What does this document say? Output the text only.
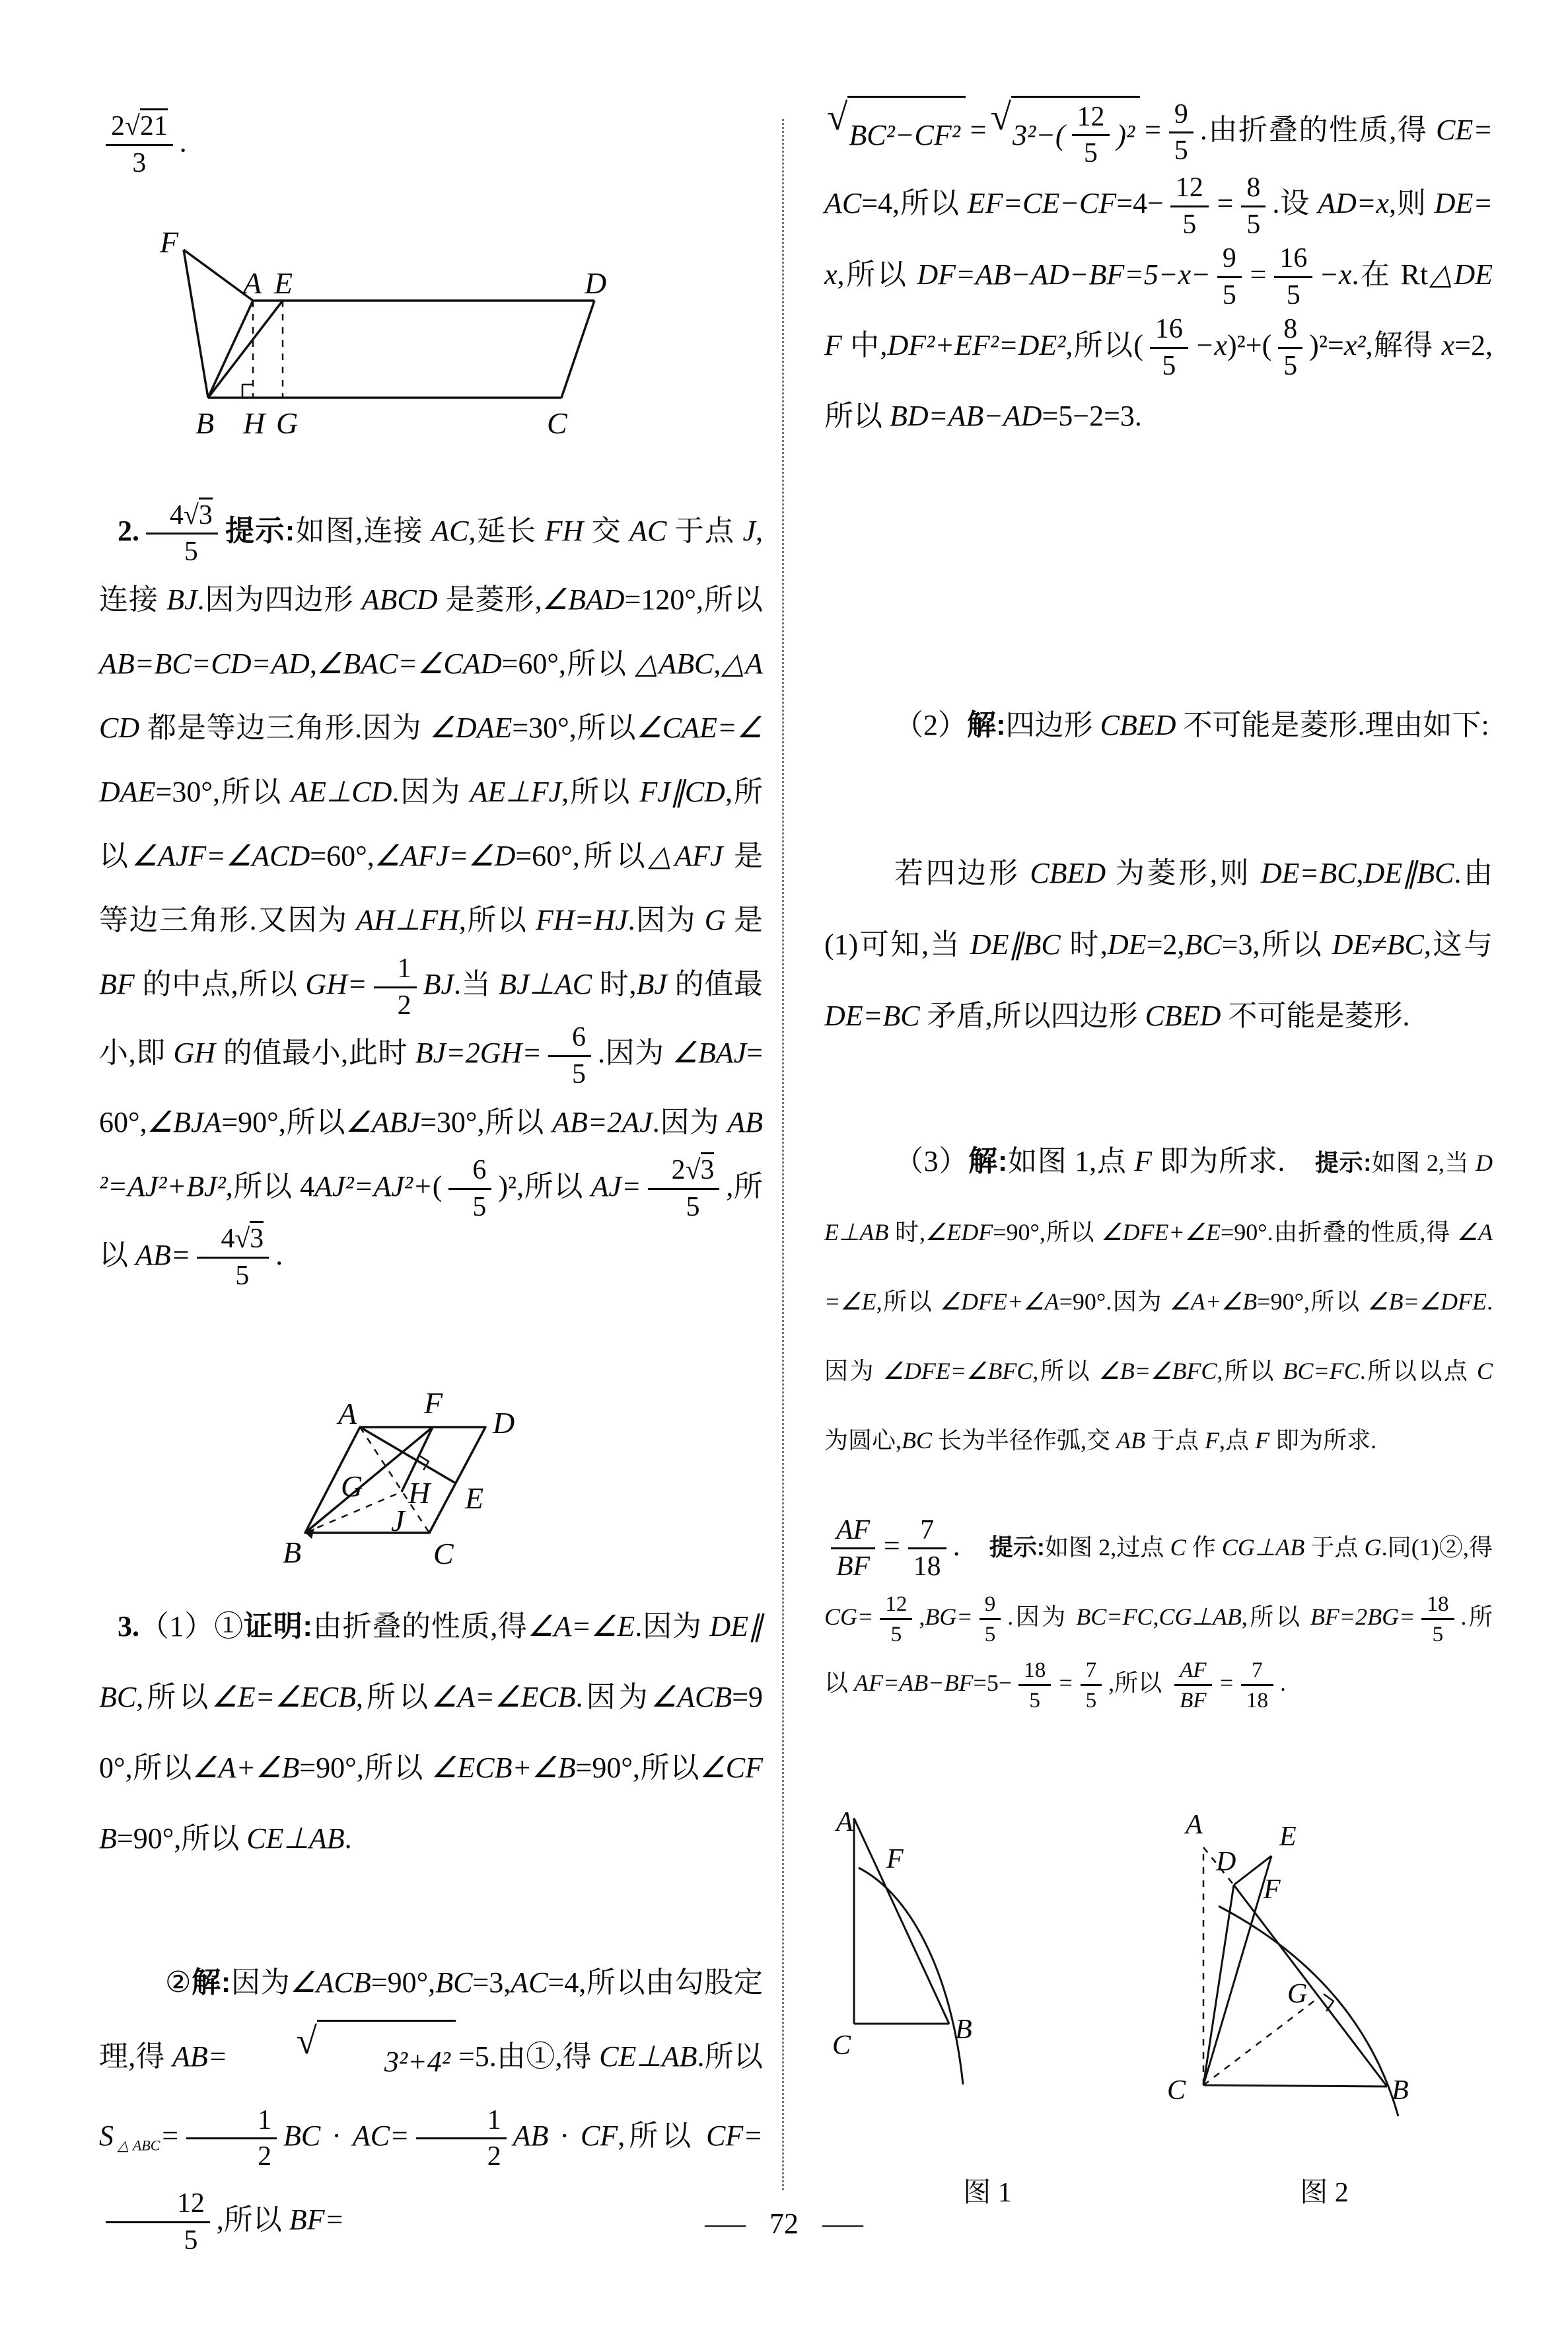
$\frac{2√21}{3}$ .
F
A E	D
B H G	C
2. $\frac{4√3}{5}$ 提示:如图,连接 AC,延长 FH 交 AC 于点 J,连接 BJ.因为四边形 ABCD 是菱形,∠BAD=120°,所以 AB=BC=CD=AD,∠BAC=∠CAD=60°,所以 △ABC,△ACD 都是等边三角形.因为 ∠DAE=30°,所以∠CAE=∠DAE=30°,所以 AE⊥CD.因为 AE⊥FJ,所以 FJ∥CD,所以∠AJF=∠ACD=60°,∠AFJ=∠D=60°,所以△AFJ 是等边三角形.又因为 AH⊥FH,所以 FH=HJ.因为 G 是 BF 的中点,所以 $GH= \frac{1}{2}$ BJ.当 BJ⊥AC 时,BJ 的值最小,即 GH 的值最小,此时 $BJ=2GH= \frac{6}{5}$ .因为 ∠BAJ=60°,∠BJA=90°,所以∠ABJ=30°,所以 AB=2AJ.因为 AB²=AJ²+BJ²,所以 $4AJ^2=AJ^2+( \frac{6}{5} )^2$,所以 $AJ= \frac{2√3}{5}$ ,所以 $AB= \frac{4√3}{5}$ .
A F
D
B	C
E
G H
J
3.（1）①证明:由折叠的性质,得∠A=∠E.因为 DE∥BC,所以∠E=∠ECB,所以∠A=∠ECB.因为∠ACB=90°,所以∠A+∠B=90°,所以 ∠ECB+∠B=90°,所以∠CFB=90°,所以 CE⊥AB.
②解:因为∠ACB=90°,BC=3,AC=4,所以由勾股定理,得 AB=	√	3²+4² =5.由①,得 CE⊥AB.所以 S△ABC= $\frac{1}{2}$ BC · $AC= \frac{1}{2}$ AB · CF,所以 CF=
$\frac{12}{5}$ ,所以 BF=
√ BC²−CF² = √ $3^2-( \frac{12}{5} )^2 = \frac{9}{5}$ .由折叠的性质,得 CE=AC=4,所以 $EF=CE-CF=4- \frac{12}{5} = \frac{8}{5}$ .设 AD=x,则 DE=x,所以 $DF=AB-AD-BF=5-x- \frac{9}{5} = \frac{16}{5} -x$.在 Rt△DEF 中,DF²+EF²=DE²,所以( $\frac{16}{5} -x)^2+( \frac{8}{5} )^2=x^2$,解得 x=2,所以 BD=AB−AD=5−2=3.
（2）解:四边形 CBED 不可能是菱形.理由如下:
若四边形 CBED 为菱形,则 DE=BC,DE∥BC.由(1)可知,当 DE∥BC 时,DE=2,BC=3,所以 DE≠BC,这与 DE=BC 矛盾,所以四边形 CBED 不可能是菱形.
（3）解:如图 1,点 F 即为所求.　提示:如图 2,当 DE⊥AB 时,∠EDF=90°,所以 ∠DFE+∠E=90°.由折叠的性质,得 ∠A=∠E,所以 ∠DFE+∠A=90°.因为 ∠A+∠B=90°,所以 ∠B=∠DFE.因为 ∠DFE=∠BFC,所以 ∠B=∠BFC,所以 BC=FC.所以以点 C 为圆心,BC 长为半径作弧,交 AB 于点 F,点 F 即为所求.
$\frac{AF}{BF} = \frac{7}{18}$ .　提示:如图 2,过点 C 作 CG⊥AB 于点 G.同(1)②,得 $CG= \frac{12}{5} ,BG= \frac{9}{5}$ .因为 BC=FC,CG⊥AB,所以 $BF=2BG= \frac{18}{5}$ .所以 $AF=AB-BF=5- \frac{18}{5} = \frac{7}{5}$ ,所以 $\frac{AF}{BF} = \frac{7}{18}$ .
A
F
C
B
A	E
D
F
G
C	B
图 1	图 2
— 72 —
